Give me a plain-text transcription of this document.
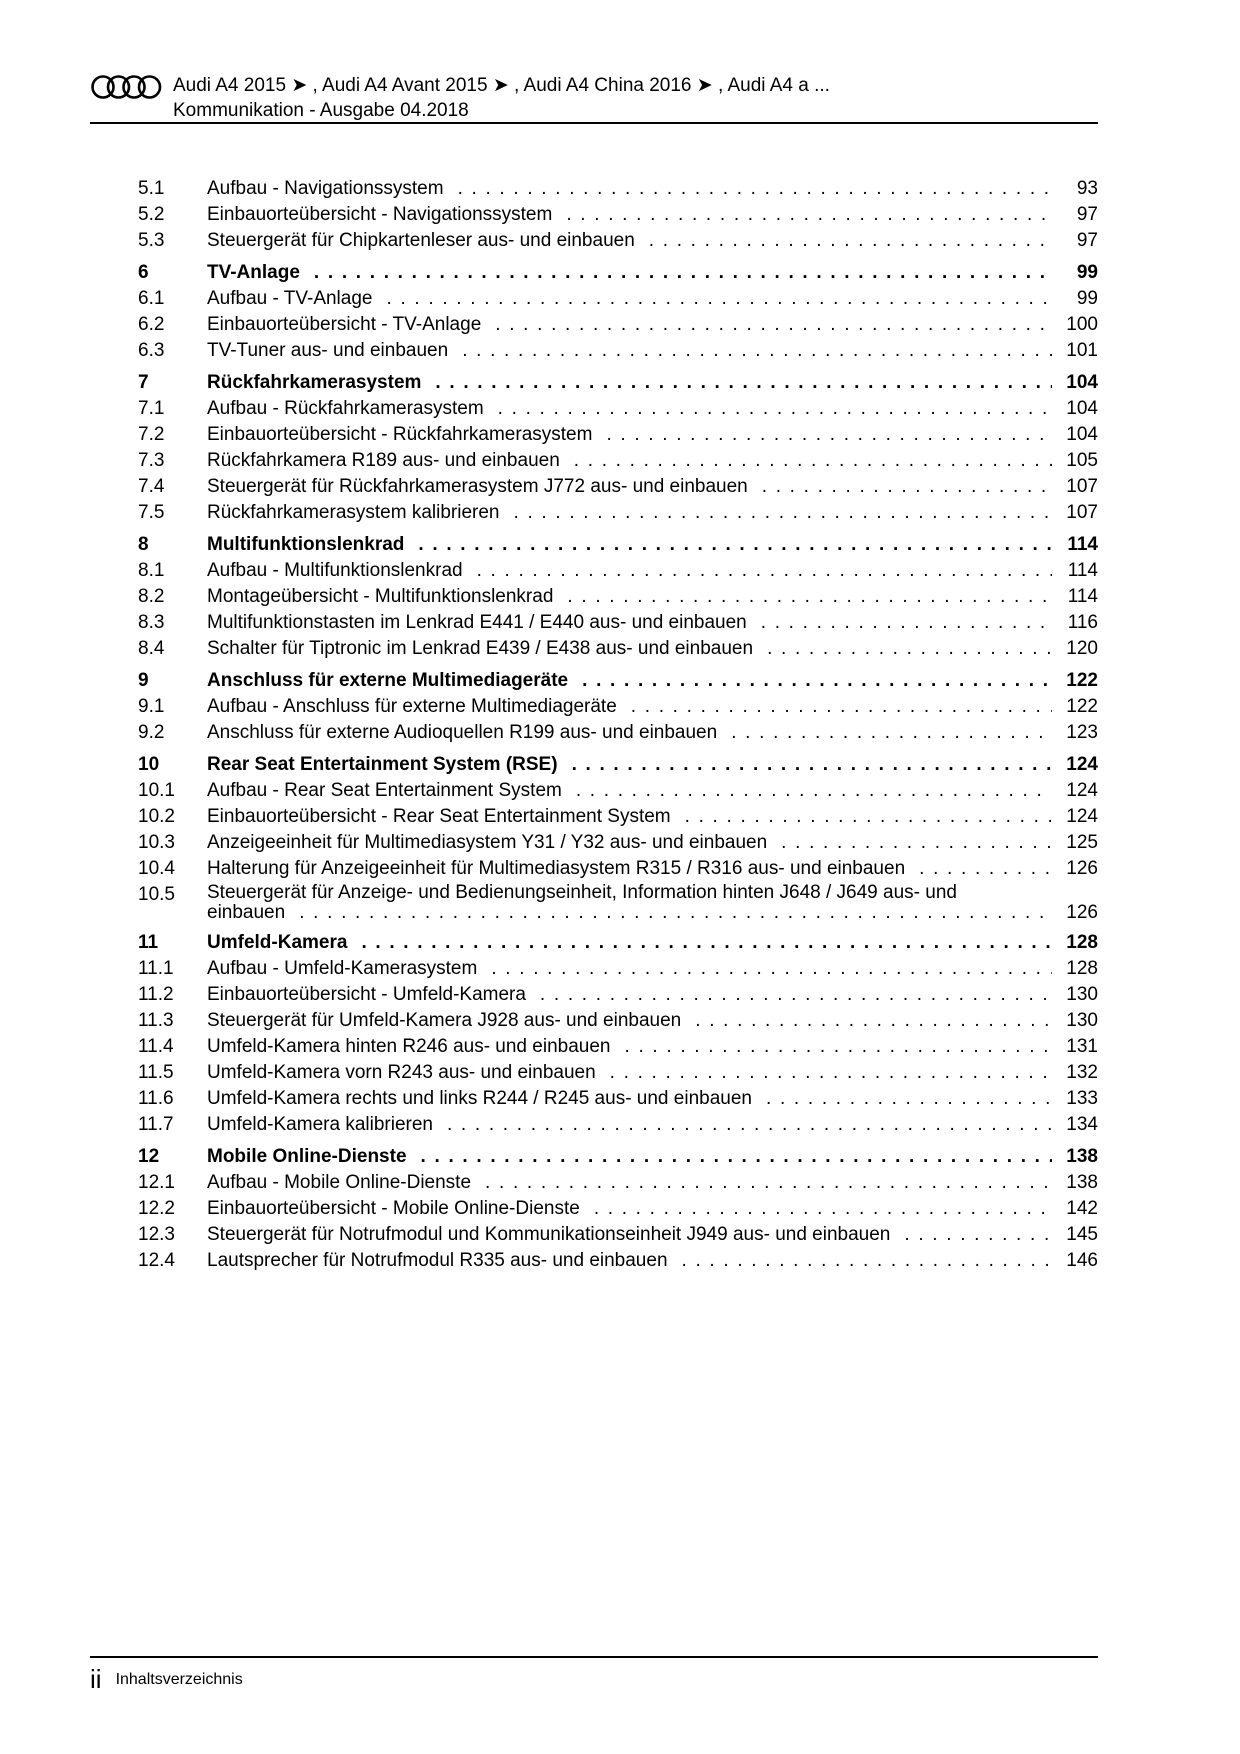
Audi A4 2015 ➤ , Audi A4 Avant 2015 ➤ , Audi A4 China 2016 ➤ , Audi A4 a ...
Kommunikation - Ausgabe 04.2018
5.1 Aufbau - Navigationssystem . . .	93
5.2 Einbauorteübersicht - Navigationssystem . . .	97
5.3 Steuergerät für Chipkartenleser aus- und einbauen . . .	97
6	TV-Anlage . . .	99
6.1 Aufbau - TV-Anlage . . .	99
6.2 Einbauorteübersicht - TV-Anlage . . .	100
6.3 TV-Tuner aus- und einbauen . . .	101
7	Rückfahrkamerasystem . . .	104
7.1 Aufbau - Rückfahrkamerasystem . . .	104
7.2 Einbauorteübersicht - Rückfahrkamerasystem . . .	104
7.3 Rückfahrkamera R189 aus- und einbauen . . .	105
7.4 Steuergerät für Rückfahrkamerasystem J772 aus- und einbauen . . .	107
7.5 Rückfahrkamerasystem kalibrieren . . .	107
8	Multifunktionslenkrad . . .	114
8.1 Aufbau - Multifunktionslenkrad . . .	114
8.2 Montageübersicht - Multifunktionslenkrad . . .	114
8.3 Multifunktionstasten im Lenkrad E441 / E440 aus- und einbauen . . .	116
8.4 Schalter für Tiptronic im Lenkrad E439 / E438 aus- und einbauen . . .	120
9	Anschluss für externe Multimediageräte . . .	122
9.1 Aufbau - Anschluss für externe Multimediageräte . . .	122
9.2 Anschluss für externe Audioquellen R199 aus- und einbauen . . .	123
10	Rear Seat Entertainment System (RSE) . . .	124
10.1 Aufbau - Rear Seat Entertainment System . . .	124
10.2 Einbauorteübersicht - Rear Seat Entertainment System . . .	124
10.3 Anzeigeeinheit für Multimediasystem Y31 / Y32 aus- und einbauen . . .	125
10.4 Halterung für Anzeigeeinheit für Multimediasystem R315 / R316 aus- und einbauen . . .	126
10.5 Steuergerät für Anzeige- und Bedienungseinheit, Information hinten J648 / J649 aus- und
einbauen . . .	126
11	Umfeld-Kamera . . .	128
11.1 Aufbau - Umfeld-Kamerasystem . . .	128
11.2 Einbauorteübersicht - Umfeld-Kamera . . .	130
11.3 Steuergerät für Umfeld-Kamera J928 aus- und einbauen . . .	130
11.4 Umfeld-Kamera hinten R246 aus- und einbauen . . .	131
11.5 Umfeld-Kamera vorn R243 aus- und einbauen . . .	132
11.6 Umfeld-Kamera rechts und links R244 / R245 aus- und einbauen . . .	133
11.7 Umfeld-Kamera kalibrieren . . .	134
12	Mobile Online-Dienste . . .	138
12.1 Aufbau - Mobile Online-Dienste . . .	138
12.2 Einbauorteübersicht - Mobile Online-Dienste . . .	142
12.3 Steuergerät für Notrufmodul und Kommunikationseinheit J949 aus- und einbauen . . .	145
12.4 Lautsprecher für Notrufmodul R335 aus- und einbauen . . .	146
ii Inhaltsverzeichnis
